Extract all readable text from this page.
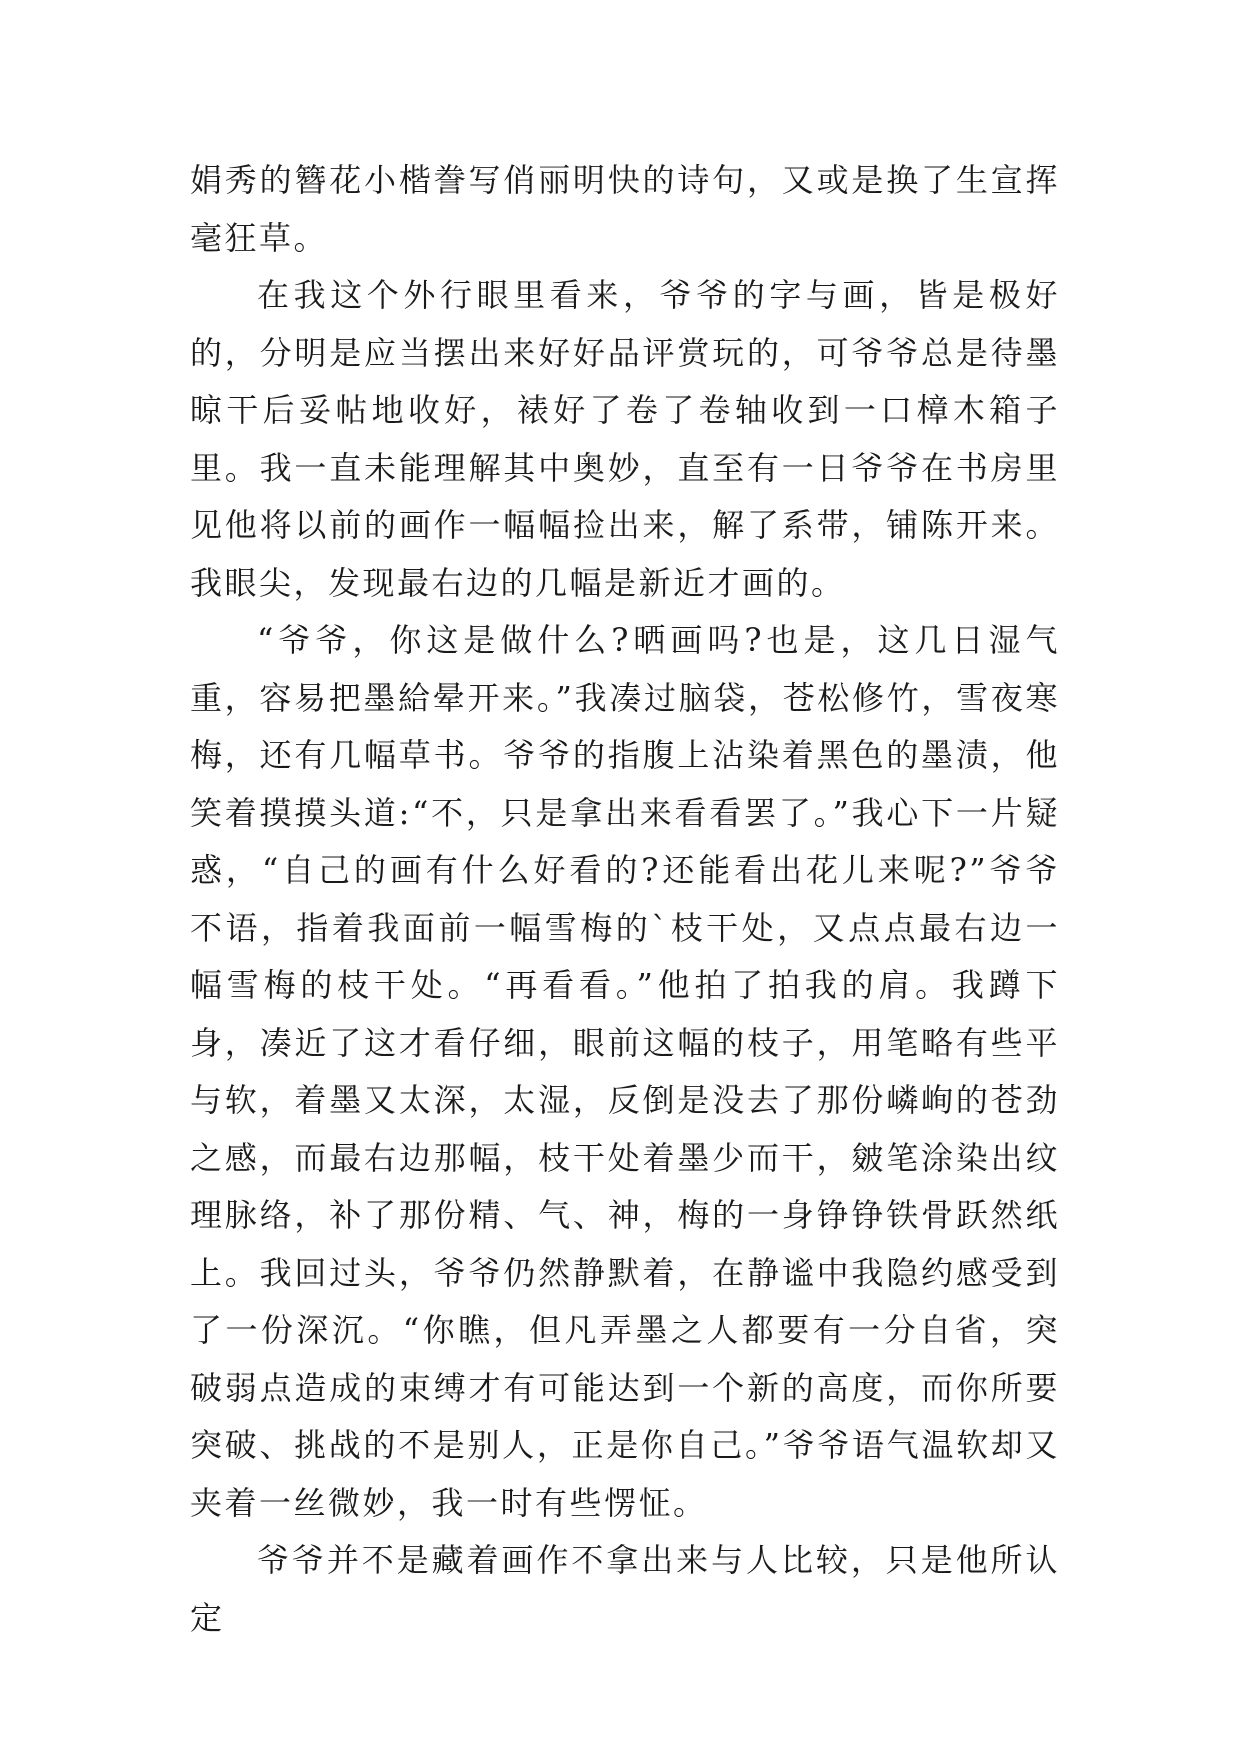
娟秀的簪花小楷誊写俏丽明快的诗句，又或是换了生宣挥毫狂草。

在我这个外行眼里看来，爷爷的字与画，皆是极好的，分明是应当摆出来好好品评赏玩的，可爷爷总是待墨晾干后妥帖地收好，裱好了卷了卷轴收到一口樟木箱子里。我一直未能理解其中奥妙，直至有一日爷爷在书房里见他将以前的画作一幅幅捡出来，解了系带，铺陈开来。我眼尖，发现最右边的几幅是新近才画的。

“爷爷，你这是做什么?晒画吗?也是，这几日湿气重，容易把墨給晕开来。”我凑过脑袋，苍松修竹，雪夜寒梅，还有几幅草书。爷爷的指腹上沾染着黑色的墨渍，他笑着摸摸头道:“不，只是拿出来看看罢了。”我心下一片疑惑，“自己的画有什么好看的?还能看出花儿来呢?”爷爷不语，指着我面前一幅雪梅的`枝干处，又点点最右边一幅雪梅的枝干处。“再看看。”他拍了拍我的肩。我蹲下身，凑近了这才看仔细，眼前这幅的枝子，用笔略有些平与软，着墨又太深，太湿，反倒是没去了那份嶙峋的苍劲之感，而最右边那幅，枝干处着墨少而干，皴笔涂染出纹理脉络，补了那份精、气、神，梅的一身铮铮铁骨跃然纸上。我回过头，爷爷仍然静默着，在静谧中我隐约感受到了一份深沉。“你瞧，但凡弄墨之人都要有一分自省，突破弱点造成的束缚才有可能达到一个新的高度，而你所要突破、挑战的不是别人，正是你自己。”爷爷语气温软却又夹着一丝微妙，我一时有些愣怔。

爷爷并不是藏着画作不拿出来与人比较，只是他所认定
